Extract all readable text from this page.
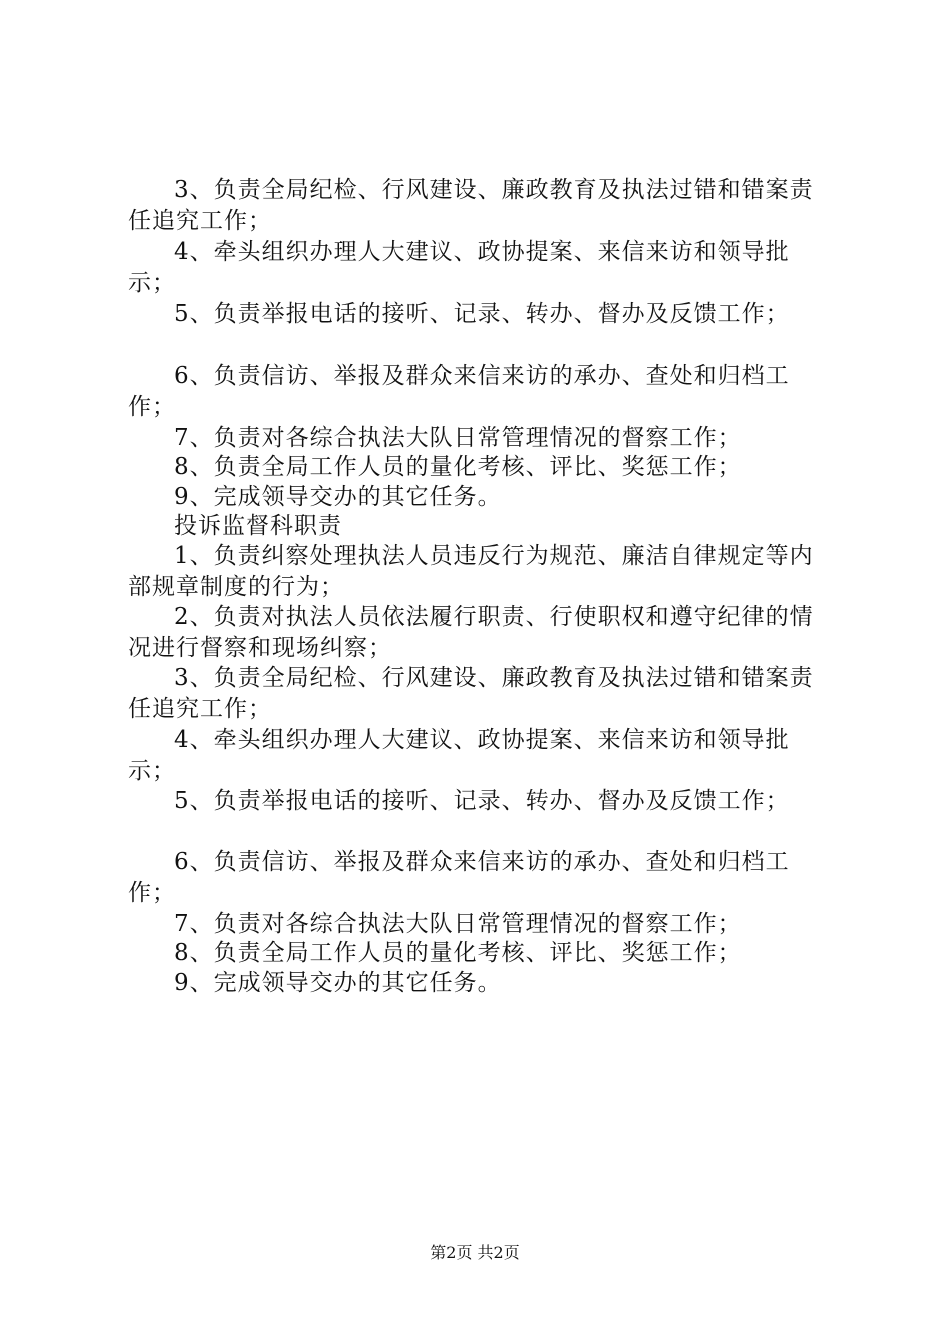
3、负责全局纪检、行风建设、廉政教育及执法过错和错案责任追究工作；
4、牵头组织办理人大建议、政协提案、来信来访和领导批示；
5、负责举报电话的接听、记录、转办、督办及反馈工作；
6、负责信访、举报及群众来信来访的承办、查处和归档工作；
7、负责对各综合执法大队日常管理情况的督察工作；
8、负责全局工作人员的量化考核、评比、奖惩工作；
9、完成领导交办的其它任务。
投诉监督科职责
1、负责纠察处理执法人员违反行为规范、廉洁自律规定等内部规章制度的行为；
2、负责对执法人员依法履行职责、行使职权和遵守纪律的情况进行督察和现场纠察；
3、负责全局纪检、行风建设、廉政教育及执法过错和错案责任追究工作；
4、牵头组织办理人大建议、政协提案、来信来访和领导批示；
5、负责举报电话的接听、记录、转办、督办及反馈工作；
6、负责信访、举报及群众来信来访的承办、查处和归档工作；
7、负责对各综合执法大队日常管理情况的督察工作；
8、负责全局工作人员的量化考核、评比、奖惩工作；
9、完成领导交办的其它任务。
第2页 共2页
